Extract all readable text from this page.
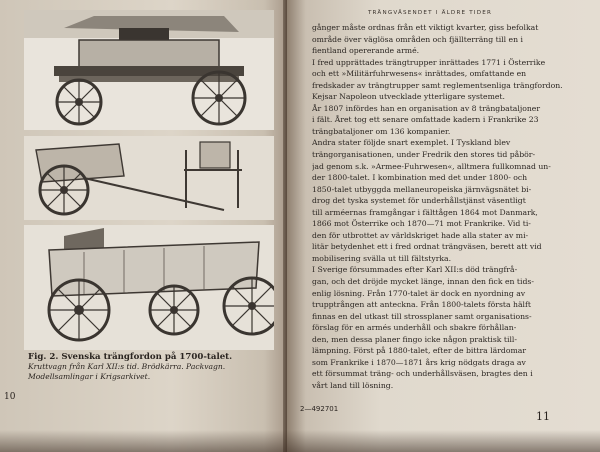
Fig. 2. Svenska trängfordon på 1700-talet.
Kruttvagn från Karl XII:s tid. Brödkärra. Packvagn. Modellsamlingar i Krigsarkivet.
10
TRÄNGVÄSENDET I ÄLDRE TIDER
gånger måste ordnas från ett viktigt kvarter, giss befolkat
område över väglösa områden och fjällterräng till en i
fientland opererande armé.
I fred upprättades trängtrupper inrättades 1771 i Österrike
och ett »Militärfuhrwesens« inrättades, omfattande en
fredskader av trängtrupper samt reglementsenliga trängfordon.
Kejsar Napoleon utvecklade ytterligare systemet.
År 1807 infördes han en organisation av 8 trängbataljoner
i fält. Året tog ett senare omfattade kadern i Frankrike 23
trängbataljoner om 136 kompanier.
Andra stater följde snart exemplet. I Tyskland blev
trängorganisationen, under Fredrik den stores tid påbör-
jad genom s.k. »Armee-Fuhrwesen«, alltmera fullkomnad un-
der 1800-talet. I kombination med det under 1800- och
1850-talet utbyggda mellaneuropeiska järnvägsnätet bi-
drog det tyska systemet för underhållstjänst väsentligt
till arméernas framgångar i fälttågen 1864 mot Danmark,
1866 mot Österrike och 1870—71 mot Frankrike. Vid ti-
den för utbrottet av världskriget hade alla stater av mi-
litär betydenhet ett i fred ordnat trängväsen, berett att vid
mobilisering svälla ut till fältstyrka.
I Sverige försummades efter Karl XII:s död trängfrå-
gan, och det dröjde mycket länge, innan den fick en tids-
enlig lösning. Från 1770-talet är dock en nyordning av
trupptrången att anteckna. Från 1800-talets första hälft
finnas en del utkast till strossplaner samt organisations-
förslag för en armés underhåll och sbakre förhållan-
den, men dessa planer fingo icke någon praktisk till-
lämpning. Först på 1880-talet, efter de bittra lärdomar
som Frankrike i 1870—1871 års krig nödgats draga av
ett försummat träng- och underhållsväsen, bragtes den i
vårt land till lösning.
2—492701
11
